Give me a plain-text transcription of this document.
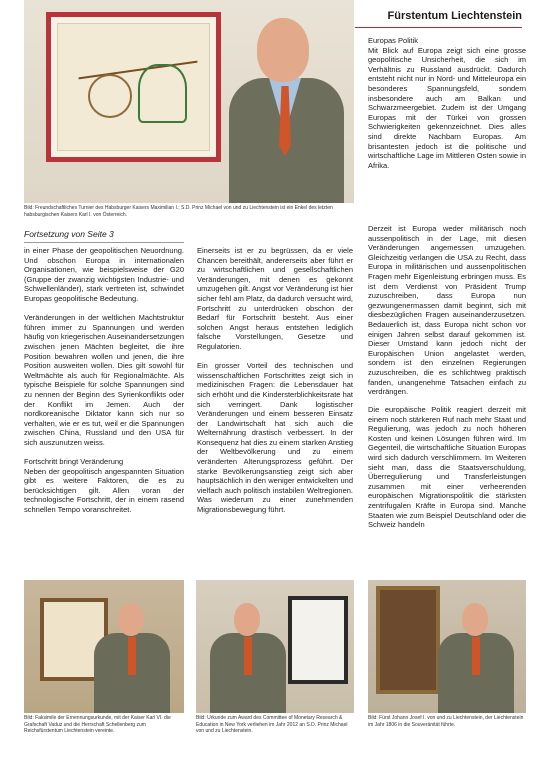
Fürstentum Liechtenstein
Bild: Freundschaftliches Turnier des Habsburger Kaisers Maximilian I.; S.D. Prinz Michael von und zu Liechtenstein ist ein Enkel des letzten habsburgischen Kaisers Karl I. von Österreich.
Fortsetzung von Seite 3

in einer Phase der geopolitischen Neuordnung. Und obschon Europa in internationalen Organisationen, wie beispielsweise der G20 (Gruppe der zwanzig wichtigsten Industrie- und Schwellenländer), stark vertreten ist, schwindet Europas geopolitische Bedeutung.

Veränderungen in der weltlichen Machtstruktur führen immer zu Spannungen und werden häufig von kriegerischen Auseinandersetzungen zwischen jenen Mächten begleitet, die ihre Position bewahren wollen und jenen, die ihre Position ausweiten wollen. Dies gilt sowohl für Weltmächte als auch für Regionalmächte. Als typische Beispiele für solche Spannungen sind zu nennen der Beginn des Syrienkonflikts oder der Konflikt im Jemen. Auch der nordkoreanische Diktator kann sich nur so verhalten, wie er es tut, weil er die Spannungen zwischen China, Russland und den USA für sich auszunutzen weiss.

Fortschritt bringt Veränderung

Neben der geopolitisch angespannten Situation gibt es weitere Faktoren, die es zu berücksichtigen gilt. Allen voran der technologische Fortschritt, der in einem rasend schnellen Tempo voranschreitet.

Einerseits ist er zu begrüssen, da er viele Chancen bereithält, andererseits aber führt er zu wirtschaftlichen und gesellschaftlichen Veränderungen, mit denen es gekonnt umzugehen gilt. Angst vor Veränderung ist hier sicher fehl am Platz, da dadurch versucht wird, Fortschritt zu unterdrücken obschon der Bedarf für Fortschritt besteht. Aus einer solchen Angst heraus entstehen lediglich falsche Vorstellungen, Gesetze und Regulatorien.

Ein grosser Vorteil des technischen und wissenschaftlichen Fortschrittes zeigt sich in medizinischen Fragen: die Lebensdauer hat sich erhöht und die Kindersterblichkeitsrate hat sich verringert. Dank logistischer Veränderungen und einem besseren Einsatz der Landwirtschaft hat sich auch die Welternährung drastisch verbessert. In der Konsequenz hat dies zu einem starken Anstieg der Weltbevölkerung und zu einem veränderten Alterungsprozess geführt. Der starke Bevölkerungsanstieg zeigt sich aber hauptsächlich in den weniger entwickelten und vielfach auch politisch instabilen Weltregionen. Was wiederum zu einer zunehmenden Migrationsbewegung führt.

Europas Politik

Mit Blick auf Europa zeigt sich eine grosse geopolitische Unsicherheit, die sich im Verhältnis zu Russland ausdrückt. Dadurch entsteht nicht nur in Nord- und Mitteleuropa ein besonderes Spannungsfeld, sondern insbesondere auch am Balkan und Schwarzmeergebiet. Zudem ist der Umgang Europas mit der Türkei von grossen Schwierigkeiten gekennzeichnet. Dies alles sind direkte Nachbarn Europas. Am brisantesten jedoch ist die politische und wirtschaftliche Lage im Mittleren Osten sowie in Afrika.

Derzeit ist Europa weder militärisch noch aussenpolitisch in der Lage, mit diesen Veränderungen angemessen umzugehen. Gleichzeitig verlangen die USA zu Recht, dass Europa in militärischen und aussenpolitischen Fragen mehr Eigenleistung erbringen muss. Es ist dem Verdienst von Präsident Trump zuzuschreiben, dass Europa nun gezwungenermassen damit beginnt, sich mit diesbezüglichen Fragen auseinanderzusetzen. Bedauerlich ist, dass Europa nicht schon vor einigen Jahren selbst darauf gekommen ist. Dieser Umstand kann jedoch nicht der Europäischen Union angelastet werden, sondern ist den einzelnen Regierungen zuzuschreiben, die es schlichtweg praktisch fanden, unangenehme Tatsachen einfach zu verdrängen.

Die europäische Politik reagiert derzeit mit einem noch stärkeren Ruf nach mehr Staat und Regulierung, was jedoch zu noch höheren Kosten und keinen Lösungen führen wird. Im Gegenteil, die wirtschaftliche Situation Europas wird sich dadurch verschlimmern. Im Weiteren sieht man, dass die Staatsverschuldung, Überregulierung und Transferleistungen zusammen mit einer verheerenden europäischen Migrationspolitik die stärksten zentrifugalen Kräfte in Europa sind. Manche Staaten wie zum Beispiel Deutschland oder die Schweiz handeln

Bild: Faksimile der Ernennungsurkunde, mit der Kaiser Karl VI. die Grafschaft Vaduz und die Herrschaft Schellenberg zum Reichsfürstentum Liechtenstein vereinte.
Bild: Urkunde zum Award des Committee of Monetary Research & Education in New York verliehen im Jahr 2012 an S.D. Prinz Michael von und zu Liechtenstein.
Bild: Fürst Johann Josef I. von und zu Liechtenstein, der Liechtenstein im Jahr 1806 in die Souveränität führte.
